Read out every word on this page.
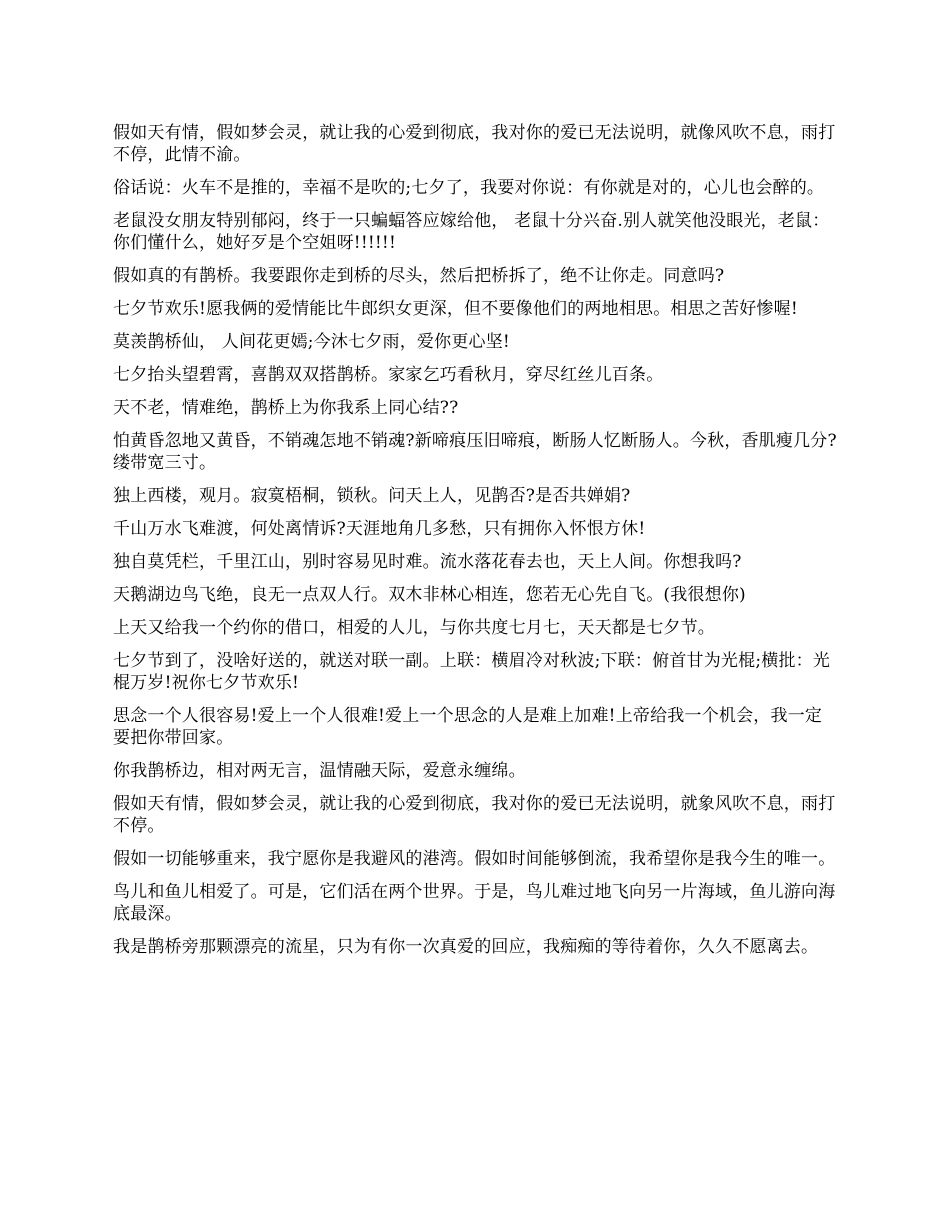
假如天有情，假如梦会灵，就让我的心爱到彻底，我对你的爱已无法说明，就像风吹不息，雨打不停，此情不渝。

俗话说：火车不是推的，幸福不是吹的;七夕了，我要对你说：有你就是对的，心儿也会醉的。

老鼠没女朋友特别郁闷，终于一只蝙蝠答应嫁给他， 老鼠十分兴奋.别人就笑他没眼光，老鼠：你们懂什么，她好歹是个空姐呀!!!!!!

假如真的有鹊桥。我要跟你走到桥的尽头，然后把桥拆了，绝不让你走。同意吗?

七夕节欢乐!愿我俩的爱情能比牛郎织女更深，但不要像他们的两地相思。相思之苦好惨喔!

莫羡鹊桥仙， 人间花更嫣;今沐七夕雨，爱你更心坚!

七夕抬头望碧霄，喜鹊双双搭鹊桥。家家乞巧看秋月，穿尽红丝儿百条。

天不老，情难绝，鹊桥上为你我系上同心结??

怕黄昏忽地又黄昏，不销魂怎地不销魂?新啼痕压旧啼痕，断肠人忆断肠人。今秋，香肌瘦几分?缕带宽三寸。

独上西楼，观月。寂寞梧桐，锁秋。问天上人，见鹊否?是否共婵娟?

千山万水飞难渡，何处离情诉?天涯地角几多愁，只有拥你入怀恨方休!

独自莫凭栏，千里江山，别时容易见时难。流水落花春去也，天上人间。你想我吗?

天鹅湖边鸟飞绝，良无一点双人行。双木非林心相连，您若无心先自飞。(我很想你)

上天又给我一个约你的借口，相爱的人儿，与你共度七月七，天天都是七夕节。

七夕节到了，没啥好送的，就送对联一副。上联：横眉冷对秋波;下联：俯首甘为光棍;横批：光棍万岁!祝你七夕节欢乐!

思念一个人很容易!爱上一个人很难!爱上一个思念的人是难上加难!上帝给我一个机会，我一定要把你带回家。

你我鹊桥边，相对两无言，温情融天际，爱意永缠绵。

假如天有情，假如梦会灵，就让我的心爱到彻底，我对你的爱已无法说明，就象风吹不息，雨打不停。

假如一切能够重来，我宁愿你是我避风的港湾。假如时间能够倒流，我希望你是我今生的唯一。

鸟儿和鱼儿相爱了。可是，它们活在两个世界。于是，鸟儿难过地飞向另一片海域，鱼儿游向海底最深。

我是鹊桥旁那颗漂亮的流星，只为有你一次真爱的回应，我痴痴的等待着你，久久不愿离去。
